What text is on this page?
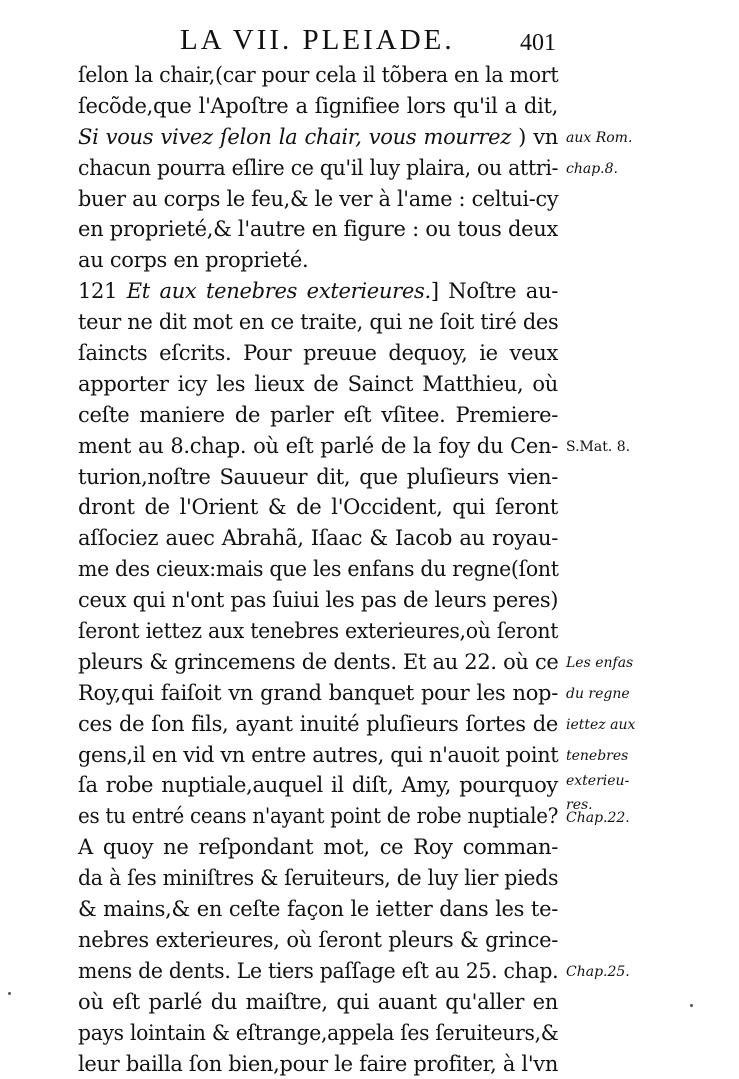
LA VII. PLEIADE.	401
ſelon la chair,(car pour cela il tõbera en la mort
ſecõde,que l'Apoſtre a ſignifiee lors qu'il a dit,
Si vous vivez ſelon la chair, vous mourrez ) vn
chacun pourra eſlire ce qu'il luy plaira, ou attri-
buer au corps le feu,& le ver à l'ame : celtui-cy
en proprieté,& l'autre en figure : ou tous deux
au corps en proprieté.
121 Et aux tenebres exterieures.] Noſtre au-
teur ne dit mot en ce traite, qui ne ſoit tiré des
ſaincts eſcrits. Pour preuue dequoy, ie veux
apporter icy les lieux de Sainct Matthieu, où
ceſte maniere de parler eſt vſitee. Premiere-
ment au 8.chap. où eſt parlé de la foy du Cen-
turion,noſtre Sauueur dit, que pluſieurs vien-
dront de l'Orient & de l'Occident, qui ſeront
aſſociez auec Abrahã, Iſaac & Iacob au royau-
me des cieux:mais que les enfans du regne(ſont
ceux qui n'ont pas ſuiui les pas de leurs peres)
ſeront iettez aux tenebres exterieures,où ſeront
pleurs & grincemens de dents. Et au 22. où ce
Roy,qui faiſoit vn grand banquet pour les nop-
ces de ſon fils, ayant inuité pluſieurs ſortes de
gens,il en vid vn entre autres, qui n'auoit point
ſa robe nuptiale,auquel il diſt, Amy, pourquoy
es tu entré ceans n'ayant point de robe nuptiale?
A quoy ne reſpondant mot, ce Roy comman-
da à ſes miniſtres & ſeruiteurs, de luy lier pieds
& mains,& en ceſte façon le ietter dans les te-
nebres exterieures, où ſeront pleurs & grince-
mens de dents. Le tiers paſſage eſt au 25. chap.
où eſt parlé du maiſtre, qui auant qu'aller en
pays lointain & eſtrange,appela ſes ſeruiteurs,&
leur bailla ſon bien,pour le faire profiter, à l'vn
aux Rom.
chap.8.
S.Mat. 8.
Les enfas
du regne
iettez aux
tenebres
exterieu-
res.
Chap.22.
Chap.25.
